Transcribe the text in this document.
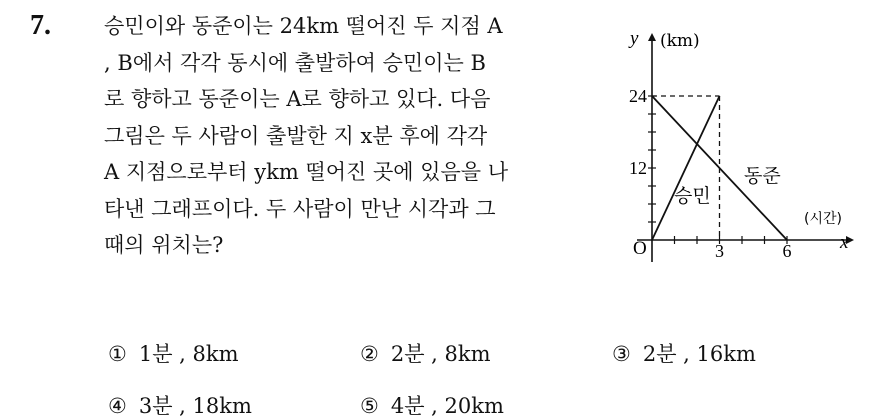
7.	승민이와 동준이는 24km 떨어진 두 지점 A
, B에서 각각 동시에 출발하여 승민이는 B
로 향하고 동준이는 A로 향하고 있다. 다음
그림은 두 사람이 출발한 지 x분 후에 각각
A 지점으로부터 ykm 떨어진 곳에 있음을 나
타낸 그래프이다. 두 사람이 만난 시각과 그
때의 위치는?
12
24
3	6
y (km)
x
(시간)
O
승민
동준
① 1분 , 8km	② 2분 , 8km	③ 2분 , 16km
④ 3분 , 18km	⑤ 4분 , 20km
